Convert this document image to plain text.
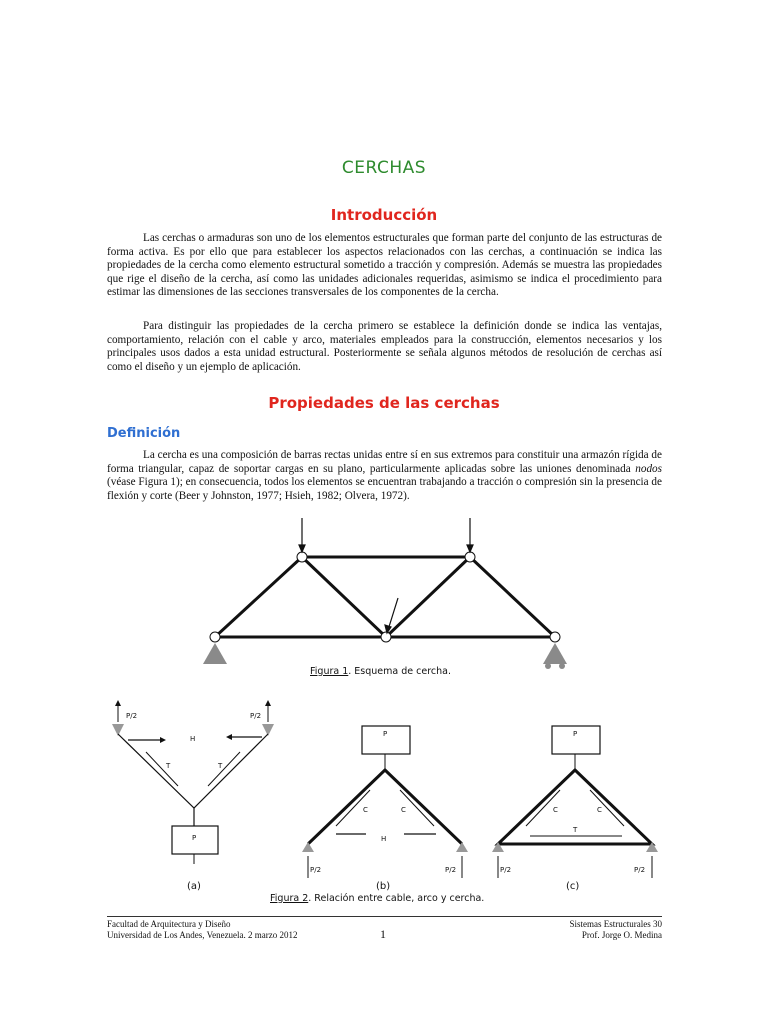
CERCHAS
Introducción
Las cerchas o armaduras son uno de los elementos estructurales que forman parte del conjunto de las estructuras de forma activa. Es por ello que para establecer los aspectos relacionados con las cerchas, a continuación se indica las propiedades de la cercha como elemento estructural sometido a tracción y compresión. Además se muestra las propiedades que rige el diseño de la cercha, así como las unidades adicionales requeridas, asimismo se indica el procedimiento para estimar las dimensiones de las secciones transversales de los componentes de la cercha.
Para distinguir las propiedades de la cercha primero se establece la definición donde se indica las ventajas, comportamiento, relación con el cable y arco, materiales empleados para la construcción, elementos necesarios y los principales usos dados a esta unidad estructural. Posteriormente se señala algunos métodos de resolución de cerchas así como el diseño y un ejemplo de aplicación.
Propiedades de las cerchas
Definición
La cercha es una composición de barras rectas unidas entre sí en sus extremos para constituir una armazón rígida de forma triangular, capaz de soportar cargas en su plano, particularmente aplicadas sobre las uniones denominada nodos (véase Figura 1); en consecuencia, todos los elementos se encuentran trabajando a tracción o compresión sin la presencia de flexión y corte (Beer y Johnston, 1977; Hsieh, 1982; Olvera, 1972).
P/2	P/2
H
T	T
P
P
C	C
H
P/2	P/2
P
C	C
T
P/2	P/2
Figura 1. Esquema de cercha.
(a)	(b)	(c)
Figura 2. Relación entre cable, arco y cercha.
Facultad de Arquitectura y Diseño
Universidad de Los Andes, Venezuela. 2 marzo 2012	1
Sistemas Estructurales 30
Prof. Jorge O. Medina
